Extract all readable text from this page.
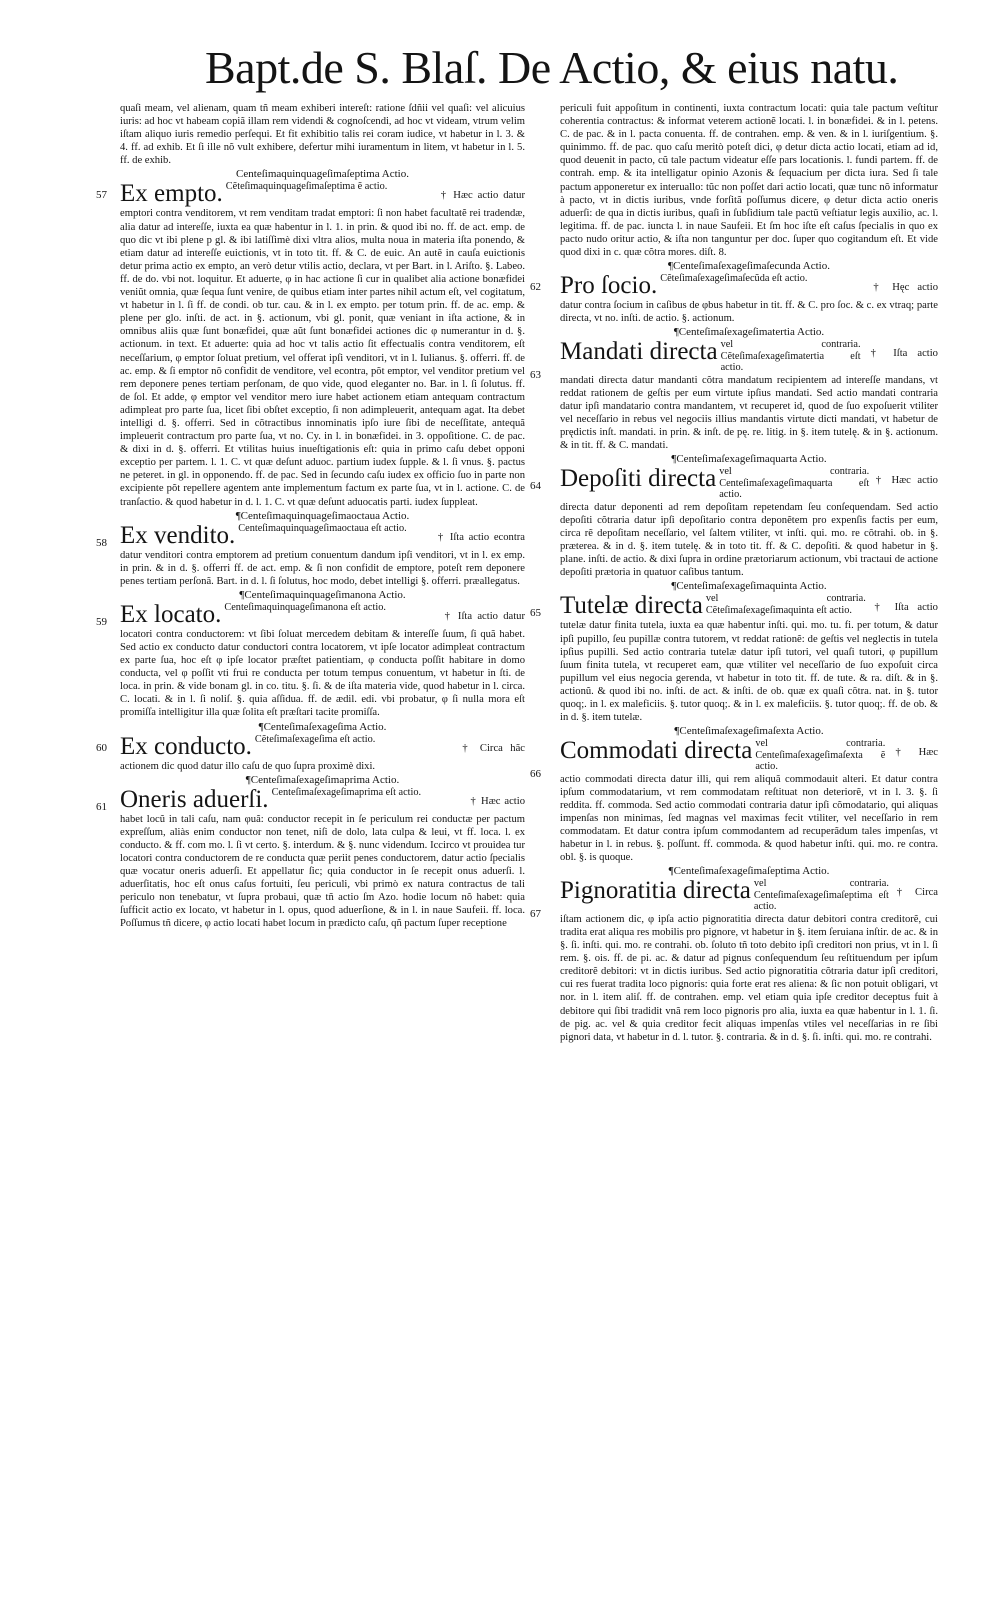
Bapt.de S. Blaſ. De Actio, & eius natu.

quaſi meam, vel alienam, quam tñ meam exhiberi intereſt: ratione ſdñii vel quaſi: vel alicuius iuris: ad hoc vt habeam copiã illam rem videndi & cognoſcendi, ad hoc vt videam, vtrum velim iſtam aliquo iuris remedio perſequi. Et fit exhibitio talis rei coram iudice, vt habetur in l. 3. & 4. ff. ad exhib. Et ſi ille nõ vult exhibere, defertur mihi iuramentum in litem, vt habetur in l. 5. ff. de exhib.

Centeſimaquinquageſimaſeptima Actio.

57 Ex empto. Cẽteſimaquinquageſimaſeptima ẽ actio. † Hæc actio datur emptori contra venditorem, vt rem venditam tradat emptori: ſi non habet facultatẽ rei tradendæ, alia datur ad intereſſe, iuxta ea quæ habentur in l. 1. in prin. & quod ibi no. ff. de act. emp. de quo dic vt ibi plene p gl. & ibi latiſſimè dixi vltra alios, multa noua in materia iſta ponendo, & etiam datur ad intereſſe euictionis, vt in toto tit. ff. & C. de euic. An autẽ in cauſa euictionis detur prima actio ex empto, an verò detur vtilis actio, declara, vt per Bart. in l. Ariſto. §. Labeo. ff. de do. vbi not. loquitur. Et aduerte, φ in hac actione ſi cur in qualibet alia actione bonæfidei veniũt omnia, quæ ſequa ſunt venire, de quibus etiam inter partes nihil actum eſt, vel cogitatum, vt habetur in l. ſi ff. de condi. ob tur. cau. & in l. ex empto. per totum prin. ff. de ac. emp. & plene per glo. inſti. de act. in §. actionum, vbi gl. ponit, quæ veniant in iſta actione, & in omnibus aliis quæ ſunt bonæfidei, quæ aũt ſunt bonæfidei actiones dic φ numerantur in d. §. actionum. in text. Et aduerte: quia ad hoc vt talis actio ſit effectualis contra venditorem, eſt neceſſarium, φ emptor ſoluat pretium, vel offerat ipſi venditori, vt in l. Iulianus. §. offerri. ff. de ac. emp. & ſi emptor nõ confidit de venditore, vel econtra, põt emptor, vel venditor pretium vel rem deponere penes tertiam perſonam, de quo vide, quod eleganter no. Bar. in l. ſi ſolutus. ff. de ſol. Et adde, φ emptor vel venditor mero iure habet actionem etiam antequam contractum adimpleat pro parte ſua, licet ſibi obſtet exceptio, ſi non adimpleuerit, antequam agat. Ita debet intelligi d. §. offerri. Sed in cõtractibus innominatis ipſo iure ſibi de neceſſitate, antequã impleuerit contractum pro parte ſua, vt no. Cy. in l. in bonæfidei. in 3. oppoſitione. C. de pac. & dixi in d. §. offerri. Et vtilitas huius inueſtigationis eſt: quia in primo caſu debet opponi exceptio per partem. l. 1. C. vt quæ deſunt aduoc. partium iudex ſupple. & l. ſi vnus. §. pactus ne peteret. in gl. in opponendo. ff. de pac. Sed in ſecundo caſu iudex ex officio ſuo in parte non excipiente põt repellere agentem ante implementum factum ex parte ſua, vt in l. actione. C. de tranſactio. & quod habetur in d. l. 1. C. vt quæ deſunt aduocatis parti. iudex ſuppleat.

¶Centeſimaquinquageſimaoctaua Actio.

58 Ex vendito. Centeſimaquinquageſimaoctaua eſt actio. † Iſta actio econtra datur venditori contra emptorem ad pretium conuentum dandum ipſi venditori, vt in l. ex emp. in prin. & in d. §. offerri ff. de act. emp. & ſi non confidit de emptore, poteſt rem deponere penes tertiam perſonã. Bart. in d. l. ſi ſolutus, hoc modo, debet intelligi §. offerri. præallegatus.

¶Centeſimaquinquageſimanona Actio.

59 Ex locato. Centeſimaquinquageſimanona eſt actio. † Iſta actio datur locatori contra conductorem: vt ſibi ſoluat mercedem debitam & intereſſe ſuum, ſi quã habet. Sed actio ex conducto datur conductori contra locatorem, vt ipſe locator adimpleat contractum ex parte ſua, hoc eſt φ ipſe locator præſtet patientiam, φ conducta poſſit habitare in domo conducta, vel φ poſſit vti frui re conducta per totum tempus conuentum, vt habetur in ſti. de loca. in prin. & vide bonam gl. in co. titu. §. ſi. & de iſta materia vide, quod habetur in l. circa. C. locati. & in l. ſi noliſ. §. quia aſſidua. ff. de ædil. edi. vbi probatur, φ ſi nulla mora eſt promiſſa intelligitur illa quæ ſolita eſt præſtari tacite promiſſa.

¶Centeſimaſexageſima Actio.

60 Ex conducto. Cẽteſimaſexageſima eſt actio. † Circa hãc actionem dic quod datur illo caſu de quo ſupra proximè dixi.

¶Centeſimaſexageſimaprima Actio.

61 Oneris aduerſi. Centeſimaſexageſimaprima eſt actio. † Hæc actio habet locũ in tali caſu, nam φuã: conductor recepit in ſe periculum rei conductæ per pactum expreſſum, aliàs enim conductor non tenet, niſi de dolo, lata culpa & leui, vt ff. loca. l. ex conducto. & ff. com mo. l. ſi vt certo. §. interdum. & §. nunc videndum. Iccirco vt prouidea tur locatori contra conductorem de re conducta quæ periit penes conductorem, datur actio ſpecialis quæ vocatur oneris aduerſi. Et appellatur ſic; quia conductor in ſe recepit onus aduerſi. l. aduerſitatis, hoc eſt onus caſus fortuiti, ſeu periculi, vbi primò ex natura contractus de tali periculo non tenebatur, vt ſupra probaui, quæ tñ actio ſm Azo. hodie locum nõ habet: quia ſufficit actio ex locato, vt habetur in l. opus, quod aduerſione, & in l. in naue Saufeii. ff. loca. Poſſumus tñ dicere, φ actio locati habet locum in prædicto caſu, qñ pactum ſuper receptione

periculi fuit appoſitum in continenti, iuxta contractum locati: quia tale pactum veſtitur coherentia contractus: & informat veterem actionẽ locati. l. in bonæfidei. & in l. petens. C. de pac. & in l. pacta conuenta. ff. de contrahen. emp. & ven. & in l. iuriſgentium. §. quinimmo. ff. de pac. quo caſu meritò poteſt dici, φ detur dicta actio locati, etiam ad id, quod deuenit in pacto, cũ tale pactum videatur eſſe pars locationis. l. fundi partem. ff. de contrah. emp. & ita intelligatur opinio Azonis & ſequacium per dicta iura. Sed ſi tale pactum apponeretur ex interuallo: tũc non poſſet dari actio locati, quæ tunc nõ informatur à pacto, vt in dictis iuribus, vnde forſitã poſſumus dicere, φ detur dicta actio oneris aduerſi: de qua in dictis iuribus, quaſi in ſubſidium tale pactũ veſtiatur legis auxilio, ac. l. legitima. ff. de pac. iuncta l. in naue Saufeii. Et ſm hoc iſte eſt caſus ſpecialis in quo ex pacto nudo oritur actio, & iſta non tanguntur per doc. ſuper quo cogitandum eſt. Et vide quod dixi in c. quæ cõtra mores. diſt. 8.

¶Centeſimaſexageſimaſecunda Actio.

62 Pro ſocio. Cẽteſimaſexageſimaſecũda eſt actio. † Hęc actio datur contra ſocium in caſibus de φbus habetur in tit. ff. & C. pro ſoc. & c. ex vtraq; parte directa, vt no. inſti. de actio. §. actionum.

¶Centeſimaſexageſimatertia Actio.

63
Mandati directa vel contraria. Cẽteſimaſexageſimatertia eſt actio. † Iſta actio mandati directa datur mandanti cõtra mandatum recipientem ad intereſſe mandans, vt reddat rationem de geſtis per eum virtute ipſius mandati. Sed actio mandati contraria datur ipſi mandatario contra mandantem, vt recuperet id, quod de ſuo expoſuerit vtiliter vel neceſſario in rebus vel negociis illius mandantis virtute dicti mandati, vt habetur de prędictis inſt. mandati. in prin. & inſt. de pę. re. litig. in §. item tutelę. & in §. actionum. & in tit. ff. & C. mandati.

¶Centeſimaſexageſimaquarta Actio.

64 Depoſiti directa vel contraria. Centeſimaſexageſimaquarta eſt actio. † Hæc actio directa datur deponenti ad rem depoſitam repetendam ſeu conſequendam. Sed actio depoſiti cõtraria datur ipſi depoſitario contra deponẽtem pro expenſis factis per eum, circa rẽ depoſitam neceſſario, vel ſaltem vtiliter, vt inſti. qui. mo. re cõtrahi. ob. in §. præterea. & in d. §. item tutelę. & in toto tit. ff. & C. depoſiti. & quod habetur in §. plane. inſti. de actio. & dixi ſupra in ordine prætoriarum actionum, vbi tractaui de actione depoſiti prætoria in quatuor caſibus tantum.

¶Centeſimaſexageſimaquinta Actio.

65 Tutelæ directa vel contraria. Cẽteſimaſexageſimaquinta eſt actio. † Iſta actio tutelæ datur finita tutela, iuxta ea quæ habentur inſti. qui. mo. tu. fi. per totum, & datur ipſi pupillo, ſeu pupillæ contra tutorem, vt reddat rationẽ: de geſtis vel neglectis in tutela ipſius pupilli. Sed actio contraria tutelæ datur ipſi tutori, vel quaſi tutori, φ pupillum ſuum finita tutela, vt recuperet eam, quæ vtiliter vel neceſſario de ſuo expoſuit circa pupillum vel eius negocia gerenda, vt habetur in toto tit. ff. de tute. & ra. diſt. & in §. actionũ. & quod ibi no. inſti. de act. & inſti. de ob. quæ ex quaſi cõtra. nat. in §. tutor quoq;. in l. ex maleficiis. §. tutor quoq;. & in l. ex maleficiis. §. tutor quoq;. ff. de ob. & in d. §. item tutelæ.

¶Centeſimaſexageſimaſexta Actio.

66
Commodati directa vel contraria. Centeſimaſexageſimaſexta ẽ actio. † Hæc actio commodati directa datur illi, qui rem aliquã commodauit alteri. Et datur contra ipſum commodatarium, vt rem commodatam reſtituat non deteriorẽ, vt in l. 3. §. ſi reddita. ff. commoda. Sed actio commodati contraria datur ipſi cõmodatario, qui aliquas impenſas non minimas, ſed magnas vel maximas fecit vtiliter, vel neceſſario in rem commodatam. Et datur contra ipſum commodantem ad recuperãdum tales impenſas, vt habetur in l. in rebus. §. poſſunt. ff. commoda. & quod habetur inſti. qui. mo. re contra. obl. §. is quoque.

¶Centeſimaſexageſimaſeptima Actio.

67
Pignoratitia directa vel contraria. Centeſimaſexageſimaſeptima eſt actio. † Circa iſtam actionem dic, φ ipſa actio pignoratitia directa datur debitori contra creditorẽ, cui tradita erat aliqua res mobilis pro pignore, vt habetur in §. item ſeruiana inſtir. de ac. & in §. ſi. inſti. qui. mo. re contrahi. ob. ſoluto tñ toto debito ipſi creditori non prius, vt in l. ſi rem. §. ois. ff. de pi. ac. & datur ad pignus conſequendum ſeu reſtituendum per ipſum creditorẽ debitori: vt in dictis iuribus. Sed actio pignoratitia cõtraria datur ipſi creditori, cui res fuerat tradita loco pignoris: quia forte erat res aliena: & ſic non potuit obligari, vt nor. in l. item aliſ. ff. de contrahen. emp. vel etiam quia ipſe creditor deceptus fuit à debitore qui ſibi tradidit vnã rem loco pignoris pro alia, iuxta ea quæ habentur in l. 1. ſi. de pig. ac. vel & quia creditor fecit aliquas impenſas vtiles vel neceſſarias in re ſibi pignori data, vt habetur in d. l. tutor. §. contraria. & in d. §. ſi. inſti. qui. mo. re contrahi.
